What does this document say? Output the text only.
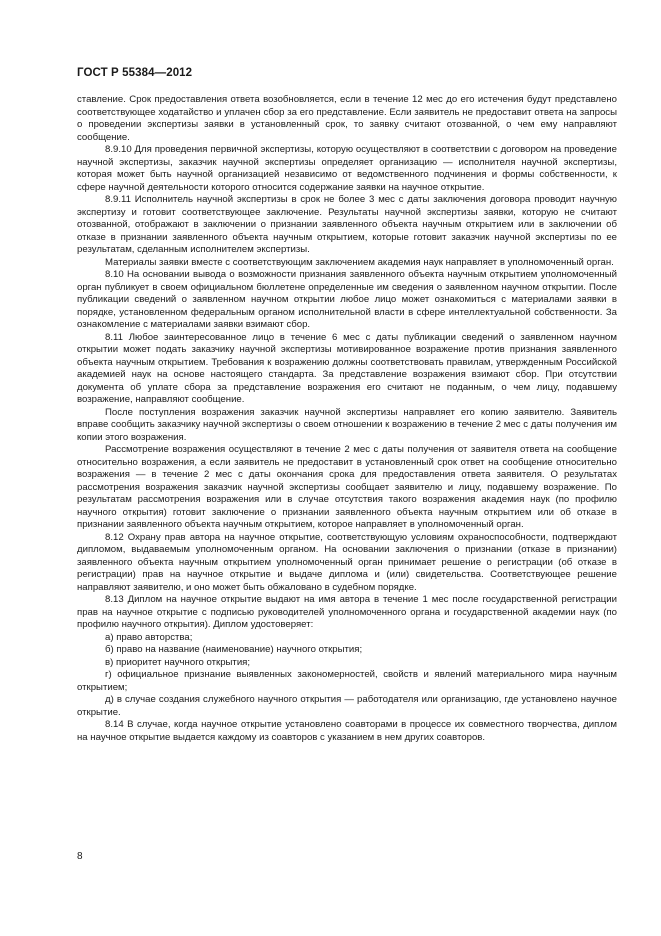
ГОСТ Р 55384—2012

ставление. Срок предоставления ответа возобновляется, если в течение 12 мес до его истечения будут представлено соответствующее ходатайство и уплачен сбор за его представление. Если заявитель не предоставит ответа на запросы о проведении экспертизы заявки в установленный срок, то заявку считают отозванной, о чем ему направляют сообщение.

8.9.10 Для проведения первичной экспертизы, которую осуществляют в соответствии с договором на проведение научной экспертизы, заказчик научной экспертизы определяет организацию — исполнителя научной экспертизы, которая может быть научной организацией независимо от ведомственного подчинения и формы собственности, к сфере научной деятельности которого относится содержание заявки на научное открытие.

8.9.11 Исполнитель научной экспертизы в срок не более 3 мес с даты заключения договора проводит научную экспертизу и готовит соответствующее заключение. Результаты научной экспертизы заявки, которую не считают отозванной, отображают в заключении о признании заявленного объекта научным открытием или в заключении об отказе в признании заявленного объекта научным открытием, которые готовит заказчик научной экспертизы по ее результатам, сделанным исполнителем экспертизы.

Материалы заявки вместе с соответствующим заключением академия наук направляет в уполномоченный орган.

8.10 На основании вывода о возможности признания заявленного объекта научным открытием уполномоченный орган публикует в своем официальном бюллетене определенные им сведения о заявленном научном открытии. После публикации сведений о заявленном научном открытии любое лицо может ознакомиться с материалами заявки в порядке, установленном федеральным органом исполнительной власти в сфере интеллектуальной собственности. За ознакомление с материалами заявки взимают сбор.

8.11 Любое заинтересованное лицо в течение 6 мес с даты публикации сведений о заявленном научном открытии может подать заказчику научной экспертизы мотивированное возражение против признания заявленного объекта научным открытием. Требования к возражению должны соответствовать правилам, утвержденным Российской академией наук на основе настоящего стандарта. За представление возражения взимают сбор. При отсутствии документа об уплате сбора за представление возражения его считают не поданным, о чем лицу, подавшему возражение, направляют сообщение.

После поступления возражения заказчик научной экспертизы направляет его копию заявителю. Заявитель вправе сообщить заказчику научной экспертизы о своем отношении к возражению в течение 2 мес с даты получения им копии этого возражения.

Рассмотрение возражения осуществляют в течение 2 мес с даты получения от заявителя ответа на сообщение относительно возражения, а если заявитель не предоставит в установленный срок ответ на сообщение относительно возражения — в течение 2 мес с даты окончания срока для предоставления ответа заявителя. О результатах рассмотрения возражения заказчик научной экспертизы сообщает заявителю и лицу, подавшему возражение. По результатам рассмотрения возражения или в случае отсутствия такого возражения академия наук (по профилю научного открытия) готовит заключение о признании заявленного объекта научным открытием или об отказе в признании заявленного объекта научным открытием, которое направляет в уполномоченный орган.

8.12 Охрану прав автора на научное открытие, соответствующую условиям охраноспособности, подтверждают дипломом, выдаваемым уполномоченным органом. На основании заключения о признании (отказе в признании) заявленного объекта научным открытием уполномоченный орган принимает решение о регистрации (об отказе в регистрации) прав на научное открытие и выдаче диплома и (или) свидетельства. Соответствующее решение направляют заявителю, и оно может быть обжаловано в судебном порядке.

8.13 Диплом на научное открытие выдают на имя автора в течение 1 мес после государственной регистрации прав на научное открытие с подписью руководителей уполномоченного органа и государственной академии наук (по профилю научного открытия). Диплом удостоверяет:

а) право авторства;

б) право на название (наименование) научного открытия;

в) приоритет научного открытия;

г) официальное признание выявленных закономерностей, свойств и явлений материального мира научным открытием;

д) в случае создания служебного научного открытия — работодателя или организацию, где установлено научное открытие.

8.14 В случае, когда научное открытие установлено соавторами в процессе их совместного творчества, диплом на научное открытие выдается каждому из соавторов с указанием в нем других соавторов.

8
